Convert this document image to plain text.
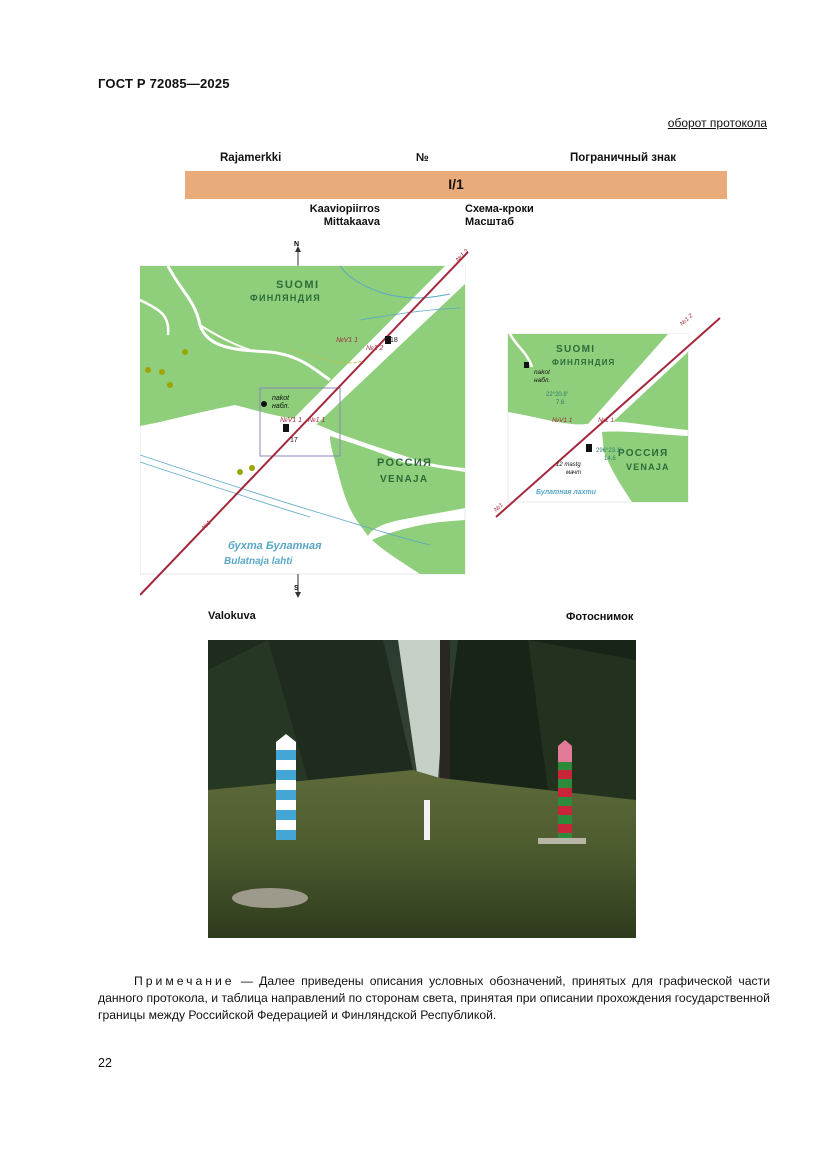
ГОСТ Р 72085—2025
оборот протокола
Rajamerkki	№	Пограничный знак
I/1
Kaaviopiirros
Mittakaava
Схема-кроки
Масштаб
N
SUOMI
ФИНЛЯНДИЯ
РОССИЯ
VENAJA
бухта Булатная
Bulatnaja lahti
nakot
набл.
№V1 1
№1 2
№V1 1 №1 1
18
17
№1 3
№1
S
SUOMI
ФИНЛЯНДИЯ
РОССИЯ
VENAJA
nakot
набл.
22°20.8'
7.6
№V1 1	№1 1
296°23.1'
14.6
12 mastg
мачт
Булатная лахти
№1 2
№1
Valokuva	Фотоснимок
Примечание — Далее приведены описания условных обозначений, принятых для графической части данного протокола, и таблица направлений по сторонам света, принятая при описании прохождения государственной границы между Российской Федерацией и Финляндской Республикой.
22
